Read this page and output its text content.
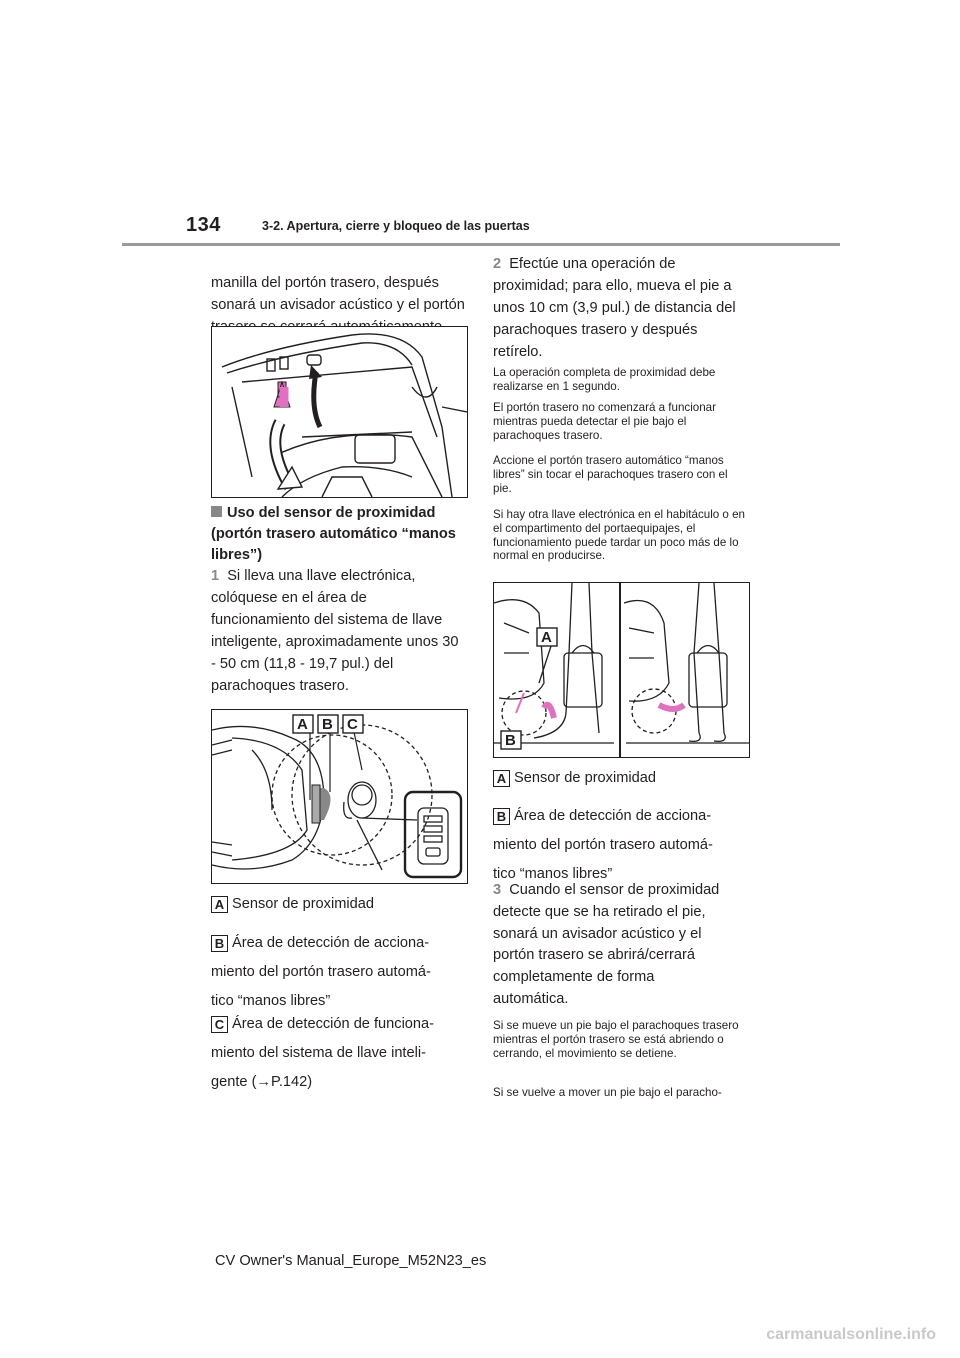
134	3-2. Apertura, cierre y bloqueo de las puertas
manilla del portón trasero, después sonará un avisador acústico y el portón
Uso del sensor de proximidad (portón trasero automático “manos libres”)
1 Si lleva una llave electrónica, colóquese en el área de funcionamiento del sistema de llave inteligente, aproximadamente unos 30 - 50 cm (11,8 - 19,7 pul.) del parachoques trasero.
A B C
A Sensor de proximidad
B Área de detección de acciona- miento del portón trasero automá- tico “manos libres”
C Área de detección de funciona- miento del sistema de llave inteli- gente (→P.142)
2 Efectúe una operación de proximidad; para ello, mueva el pie a unos 10 cm (3,9 pul.) de distancia del parachoques trasero y después retírelo.
La operación completa de proximidad debe realizarse en 1 segundo.
El portón trasero no comenzará a funcionar mientras pueda detectar el pie bajo el parachoques trasero.
Accione el portón trasero automático “manos libres” sin tocar el parachoques trasero con el pie.
Si hay otra llave electrónica en el habitáculo o en el compartimento del portaequipajes, el funcionamiento puede tardar un poco más de lo normal en producirse.
A
B
A Sensor de proximidad
B Área de detección de acciona- miento del portón trasero automá- tico “manos libres”
3 Cuando el sensor de proximidad detecte que se ha retirado el pie, sonará un avisador acústico y el portón trasero se abrirá/cerrará completamente de forma automática.
Si se mueve un pie bajo el parachoques trasero mientras el portón trasero se está abriendo o cerrando, el movimiento se detiene.
Si se vuelve a mover un pie bajo el paracho-
CV Owner's Manual_Europe_M52N23_es
carmanualsonline.info
